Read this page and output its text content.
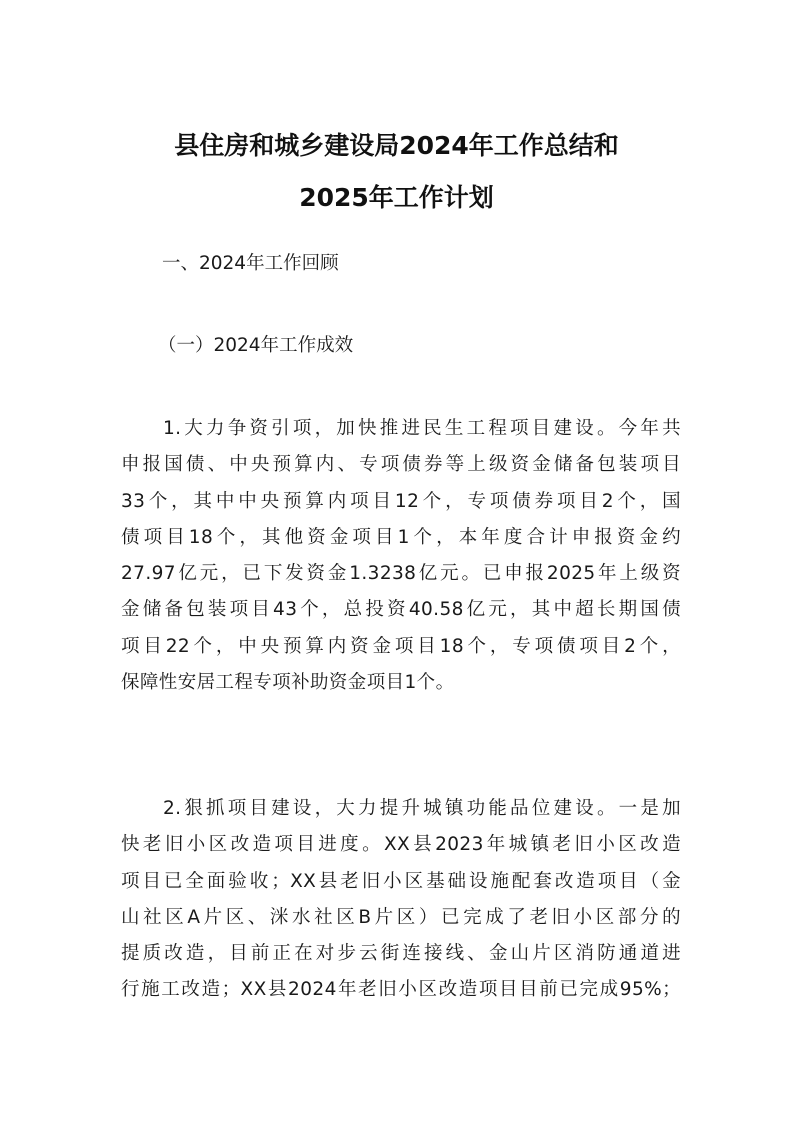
县住房和城乡建设局2024年工作总结和
2025年工作计划
一、2024年工作回顾
（一）2024年工作成效
1.大力争资引项，加快推进民生工程项目建设。今年共
申报国债、中央预算内、专项债券等上级资金储备包装项目
33个，其中中央预算内项目12个，专项债券项目2个，国
债项目18个，其他资金项目1个，本年度合计申报资金约
27.97亿元，已下发资金1.3238亿元。已申报2025年上级资
金储备包装项目43个，总投资40.58亿元，其中超长期国债
项目22个，中央预算内资金项目18个，专项债项目2个，
保障性安居工程专项补助资金项目1个。
2.狠抓项目建设，大力提升城镇功能品位建设。一是加
快老旧小区改造项目进度。XX县2023年城镇老旧小区改造
项目已全面验收；XX县老旧小区基础设施配套改造项目（金
山社区A片区、洣水社区B片区）已完成了老旧小区部分的
提质改造，目前正在对步云街连接线、金山片区消防通道进
行施工改造；XX县2024年老旧小区改造项目目前已完成95%；
